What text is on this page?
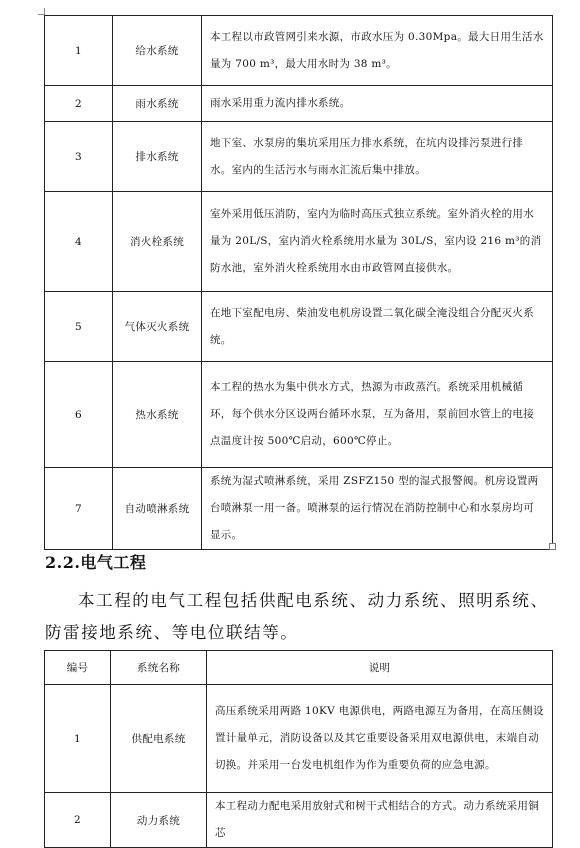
1	给水系统	本工程以市政管网引来水源，市政水压为 0.30Mpa。最大日用生活水量为 700 m³，最大用水时为 38 m³。
2	雨水系统	雨水采用重力流内排水系统。
3	排水系统	地下室、水泵房的集坑采用压力排水系统，在坑内设排污泵进行排水。室内的生活污水与雨水汇流后集中排放。
4	消火栓系统	室外采用低压消防，室内为临时高压式独立系统。室外消火栓的用水量为 20L/S，室内消火栓系统用水量为 30L/S，室内设 216 m³的消防水池，室外消火栓系统用水由市政管网直接供水。
5	气体灭火系统	在地下室配电房、柴油发电机房设置二氧化碳全淹没组合分配灭火系统。
6	热水系统	本工程的热水为集中供水方式，热源为市政蒸汽。系统采用机械循环，每个供水分区设两台循环水泵，互为备用，泵前回水管上的电接点温度计按 500℃启动，600℃停止。
7	自动喷淋系统	系统为湿式喷淋系统，采用 ZSFZ150 型的湿式报警阀。机房设置两台喷淋泵一用一备。喷淋泵的运行情况在消防控制中心和水泵房均可显示。
2.2.电气工程
本工程的电气工程包括供配电系统、动力系统、照明系统、防雷接地系统、等电位联结等。
编号	系统名称	说明
1	供配电系统	高压系统采用两路 10KV 电源供电，两路电源互为备用，在高压侧设置计量单元，消防设备以及其它重要设备采用双电源供电，末端自动切换。并采用一台发电机组作为作为重要负荷的应急电源。
2	动力系统	本工程动力配电采用放射式和树干式相结合的方式。动力系统采用铜芯
